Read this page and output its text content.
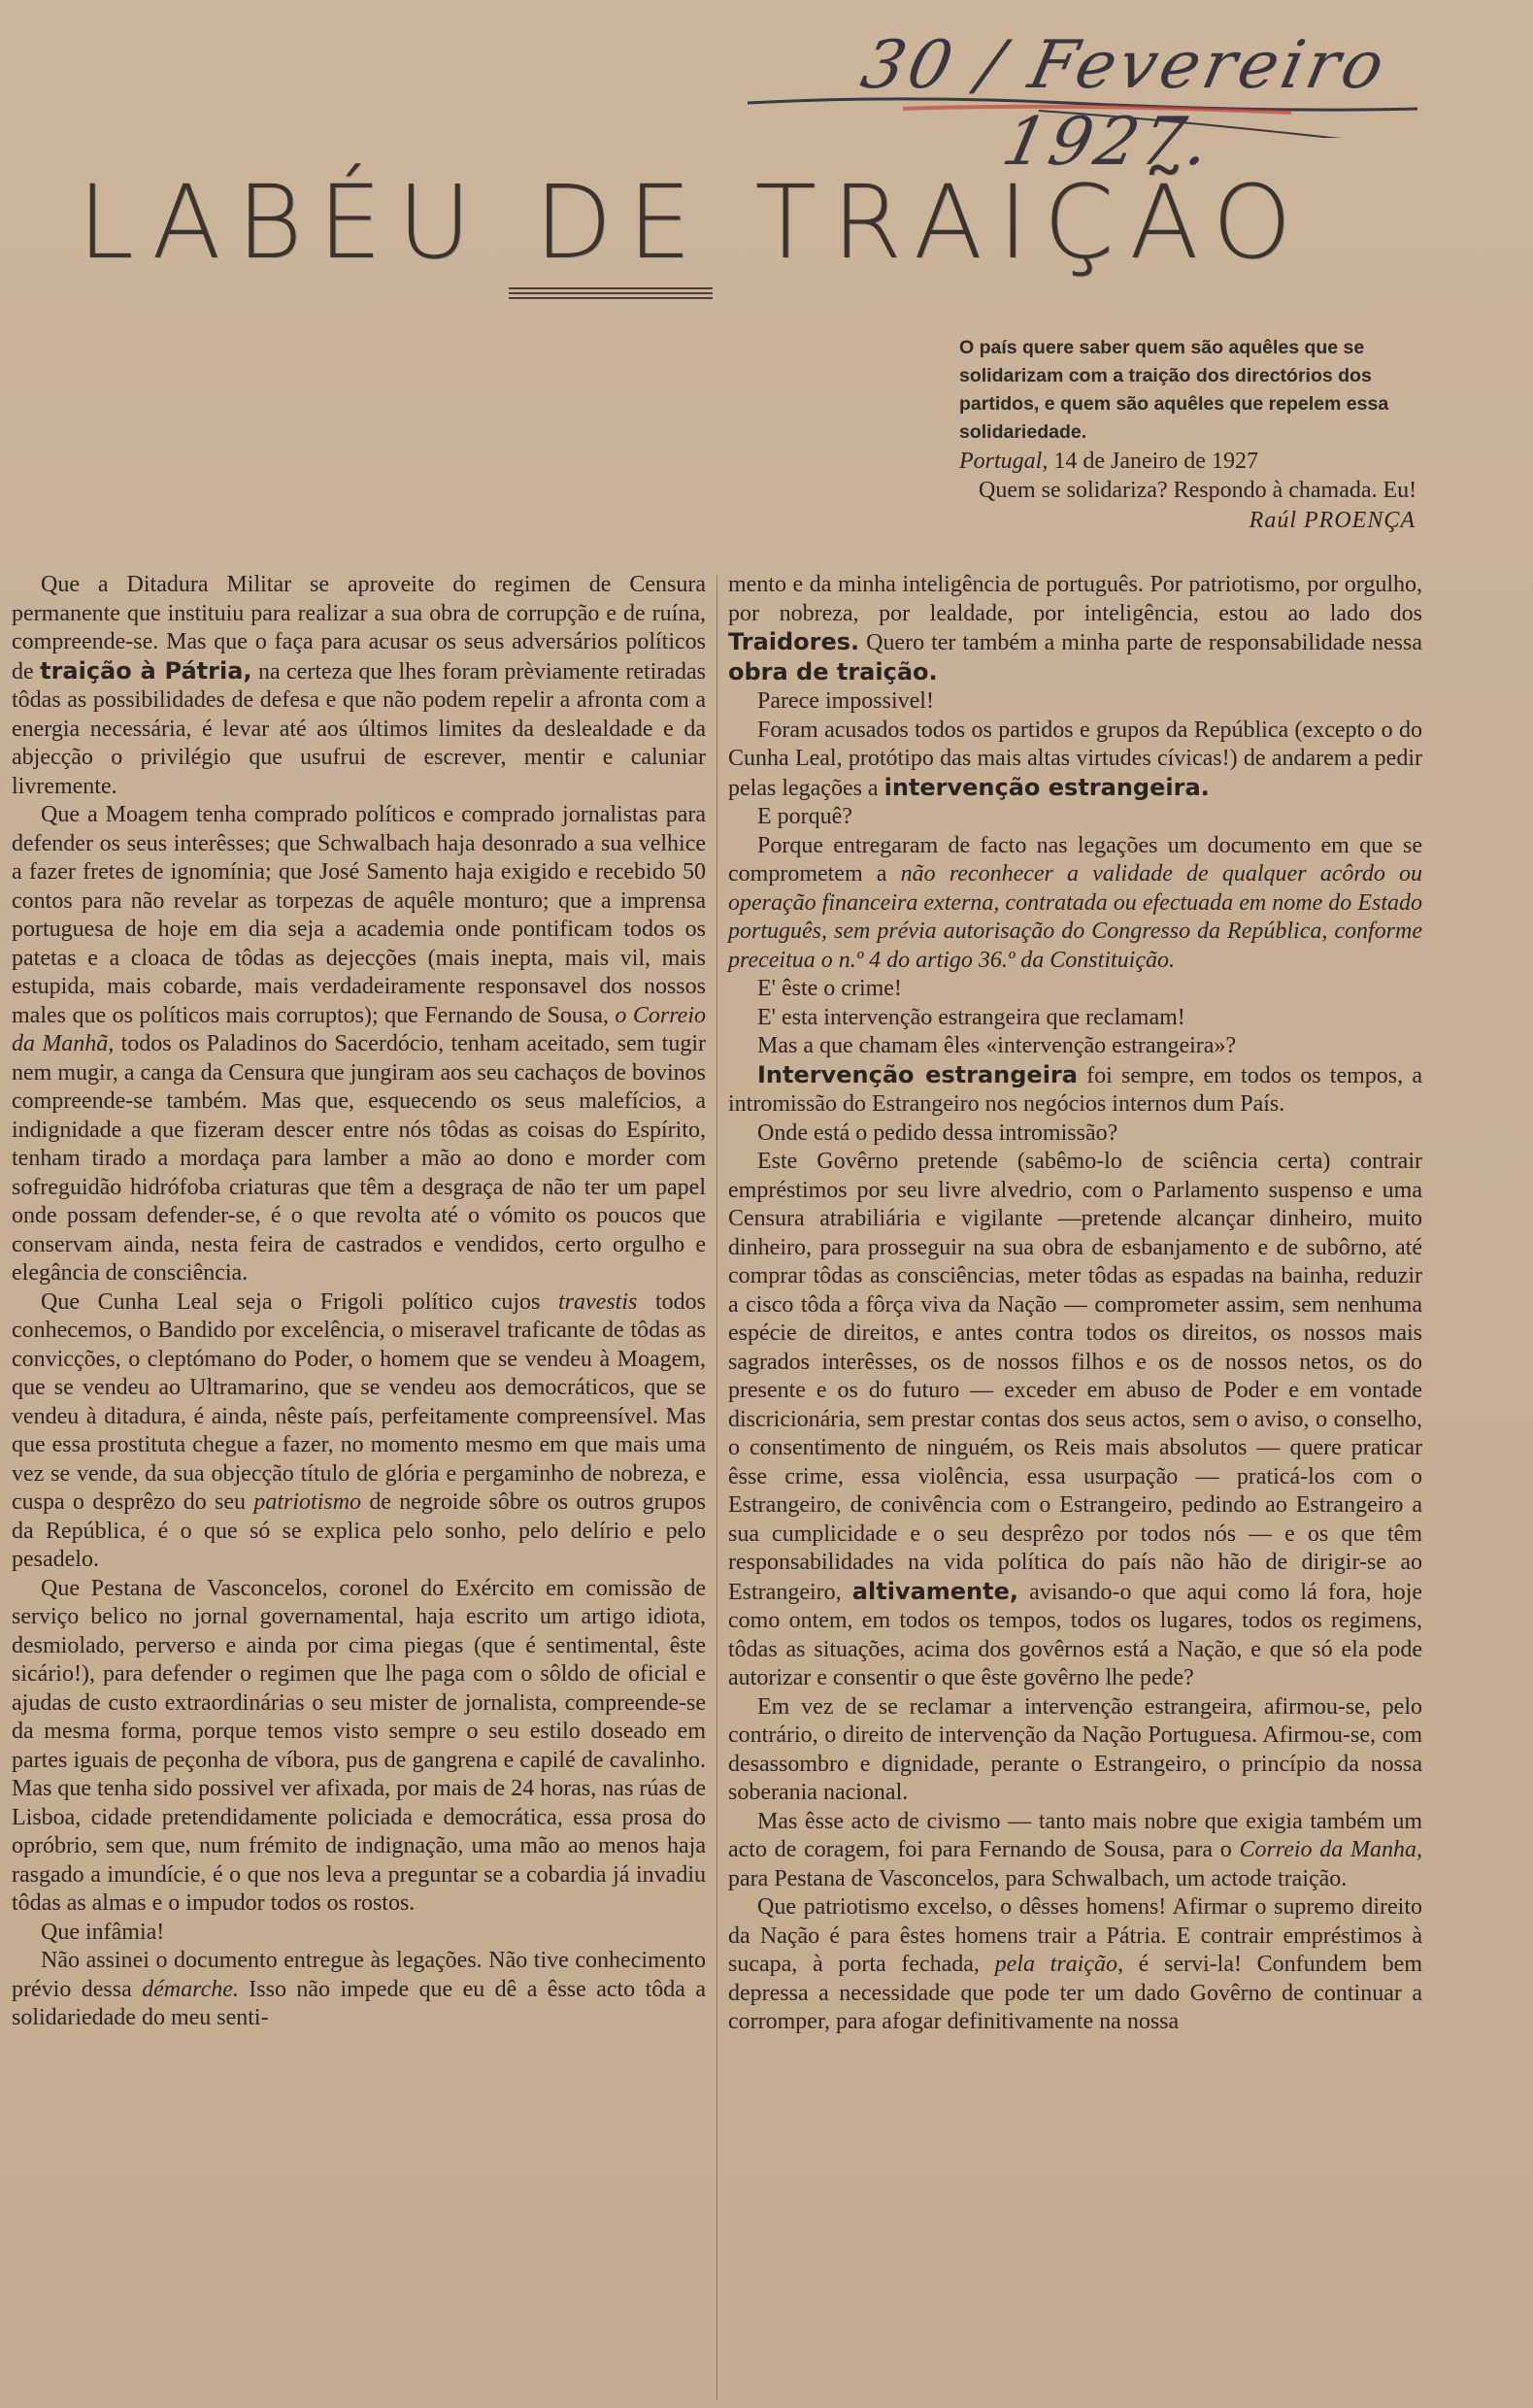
30 / Fevereiro 1927.
LABÉU DE TRAIÇÃO
O país quere saber quem são aquêles que se solidarizam com a traição dos directórios dos partidos, e quem são aquêles que repelem essa solidariedade.
Portugal, 14 de Janeiro de 1927
Quem se solidariza? Respondo à chamada. Eu!
Raúl PROENÇA

Que a Ditadura Militar se aproveite do regimen de Censura permanente que instituiu para realizar a sua obra de corrupção e de ruína, compreende-se. Mas que o faça para acusar os seus adversários políticos de traição à Pátria, na certeza que lhes foram prèviamente retiradas tôdas as possibilidades de defesa e que não podem repelir a afronta com a energia necessária, é levar até aos últimos limites da deslealdade e da abjecção o privilégio que usufrui de escrever, mentir e caluniar livremente.

Que a Moagem tenha comprado políticos e comprado jornalistas para defender os seus interêsses; que Schwalbach haja desonrado a sua velhice a fazer fretes de ignomínia; que José Samento haja exigido e recebido 50 contos para não revelar as torpezas de aquêle monturo; que a imprensa portuguesa de hoje em dia seja a academia onde pontificam todos os patetas e a cloaca de tôdas as dejecções (mais inepta, mais vil, mais estupida, mais cobarde, mais verdadeiramente responsavel dos nossos males que os políticos mais corruptos); que Fernando de Sousa, o Correio da Manhã, todos os Paladinos do Sacerdócio, tenham aceitado, sem tugir nem mugir, a canga da Censura que jungiram aos seu cachaços de bovinos compreende-se também. Mas que, esquecendo os seus malefícios, a indignidade a que fizeram descer entre nós tôdas as coisas do Espírito, tenham tirado a mordaça para lamber a mão ao dono e morder com sofreguidão hidrófoba criaturas que têm a desgraça de não ter um papel onde possam defender-se, é o que revolta até o vómito os poucos que conservam ainda, nesta feira de castrados e vendidos, certo orgulho e elegância de consciência.

Que Cunha Leal seja o Frigoli político cujos travestis todos conhecemos, o Bandido por excelência, o miseravel traficante de tôdas as convicções, o cleptómano do Poder, o homem que se vendeu à Moagem, que se vendeu ao Ultramarino, que se vendeu aos democráticos, que se vendeu à ditadura, é ainda, nêste país, perfeitamente compreensível. Mas que essa prostituta chegue a fazer, no momento mesmo em que mais uma vez se vende, da sua objecção título de glória e pergaminho de nobreza, e cuspa o desprêzo do seu patriotismo de negroide sôbre os outros grupos da República, é o que só se explica pelo sonho, pelo delírio e pelo pesadelo.

Que Pestana de Vasconcelos, coronel do Exército em comissão de serviço belico no jornal governamental, haja escrito um artigo idiota, desmiolado, perverso e ainda por cima piegas (que é sentimental, êste sicário!), para defender o regimen que lhe paga com o sôldo de oficial e ajudas de custo extraordinárias o seu mister de jornalista, compreende-se da mesma forma, porque temos visto sempre o seu estilo doseado em partes iguais de peçonha de víbora, pus de gangrena e capilé de cavalinho. Mas que tenha sido possivel ver afixada, por mais de 24 horas, nas rúas de Lisboa, cidade pretendidamente policiada e democrática, essa prosa do opróbrio, sem que, num frémito de indignação, uma mão ao menos haja rasgado a imundície, é o que nos leva a preguntar se a cobardia já invadiu tôdas as almas e o impudor todos os rostos.

Que infâmia!

Não assinei o documento entregue às legações. Não tive conhecimento prévio dessa démarche. Isso não impede que eu dê a êsse acto tôda a solidariedade do meu senti-

mento e da minha inteligência de português. Por patriotismo, por orgulho, por nobreza, por lealdade, por inteligência, estou ao lado dos Traidores. Quero ter também a minha parte de responsabilidade nessa obra de traição.

Parece impossivel!

Foram acusados todos os partidos e grupos da República (excepto o do Cunha Leal, protótipo das mais altas virtudes cívicas!) de andarem a pedir pelas legações a intervenção estrangeira.

E porquê?

Porque entregaram de facto nas legações um documento em que se comprometem a não reconhecer a validade de qualquer acôrdo ou operação financeira externa, contratada ou efectuada em nome do Estado português, sem prévia autorisação do Congresso da República, conforme preceitua o n.º 4 do artigo 36.º da Constituição.

E' êste o crime!

E' esta intervenção estrangeira que reclamam!

Mas a que chamam êles «intervenção estrangeira»?

Intervenção estrangeira foi sempre, em todos os tempos, a intromissão do Estrangeiro nos negócios internos dum País.

Onde está o pedido dessa intromissão?

Este Govêrno pretende (sabêmo-lo de sciência certa) contrair empréstimos por seu livre alvedrio, com o Parlamento suspenso e uma Censura atrabiliária e vigilante —pretende alcançar dinheiro, muito dinheiro, para prosseguir na sua obra de esbanjamento e de subôrno, até comprar tôdas as consciências, meter tôdas as espadas na bainha, reduzir a cisco tôda a fôrça viva da Nação — comprometer assim, sem nenhuma espécie de direitos, e antes contra todos os direitos, os nossos mais sagrados interêsses, os de nossos filhos e os de nossos netos, os do presente e os do futuro — exceder em abuso de Poder e em vontade discricionária, sem prestar contas dos seus actos, sem o aviso, o conselho, o consentimento de ninguém, os Reis mais absolutos — quere praticar êsse crime, essa violência, essa usurpação — praticá-los com o Estrangeiro, de conivência com o Estrangeiro, pedindo ao Estrangeiro a sua cumplicidade e o seu desprêzo por todos nós — e os que têm responsabilidades na vida política do país não hão de dirigir-se ao Estrangeiro, altivamente, avisando-o que aqui como lá fora, hoje como ontem, em todos os tempos, todos os lugares, todos os regimens, tôdas as situações, acima dos govêrnos está a Nação, e que só ela pode autorizar e consentir o que êste govêrno lhe pede?

Em vez de se reclamar a intervenção estrangeira, afirmou-se, pelo contrário, o direito de intervenção da Nação Portuguesa. Afirmou-se, com desassombro e dignidade, perante o Estrangeiro, o princípio da nossa soberania nacional.

Mas êsse acto de civismo — tanto mais nobre que exigia também um acto de coragem, foi para Fernando de Sousa, para o Correio da Manha, para Pestana de Vasconcelos, para Schwalbach, um actode traição.

Que patriotismo excelso, o dêsses homens! Afirmar o supremo direito da Nação é para êstes homens trair a Pátria. E contrair empréstimos à sucapa, à porta fechada, pela traição, é servi-la! Confundem bem depressa a necessidade que pode ter um dado Govêrno de continuar a corromper, para afogar definitivamente na nossa
